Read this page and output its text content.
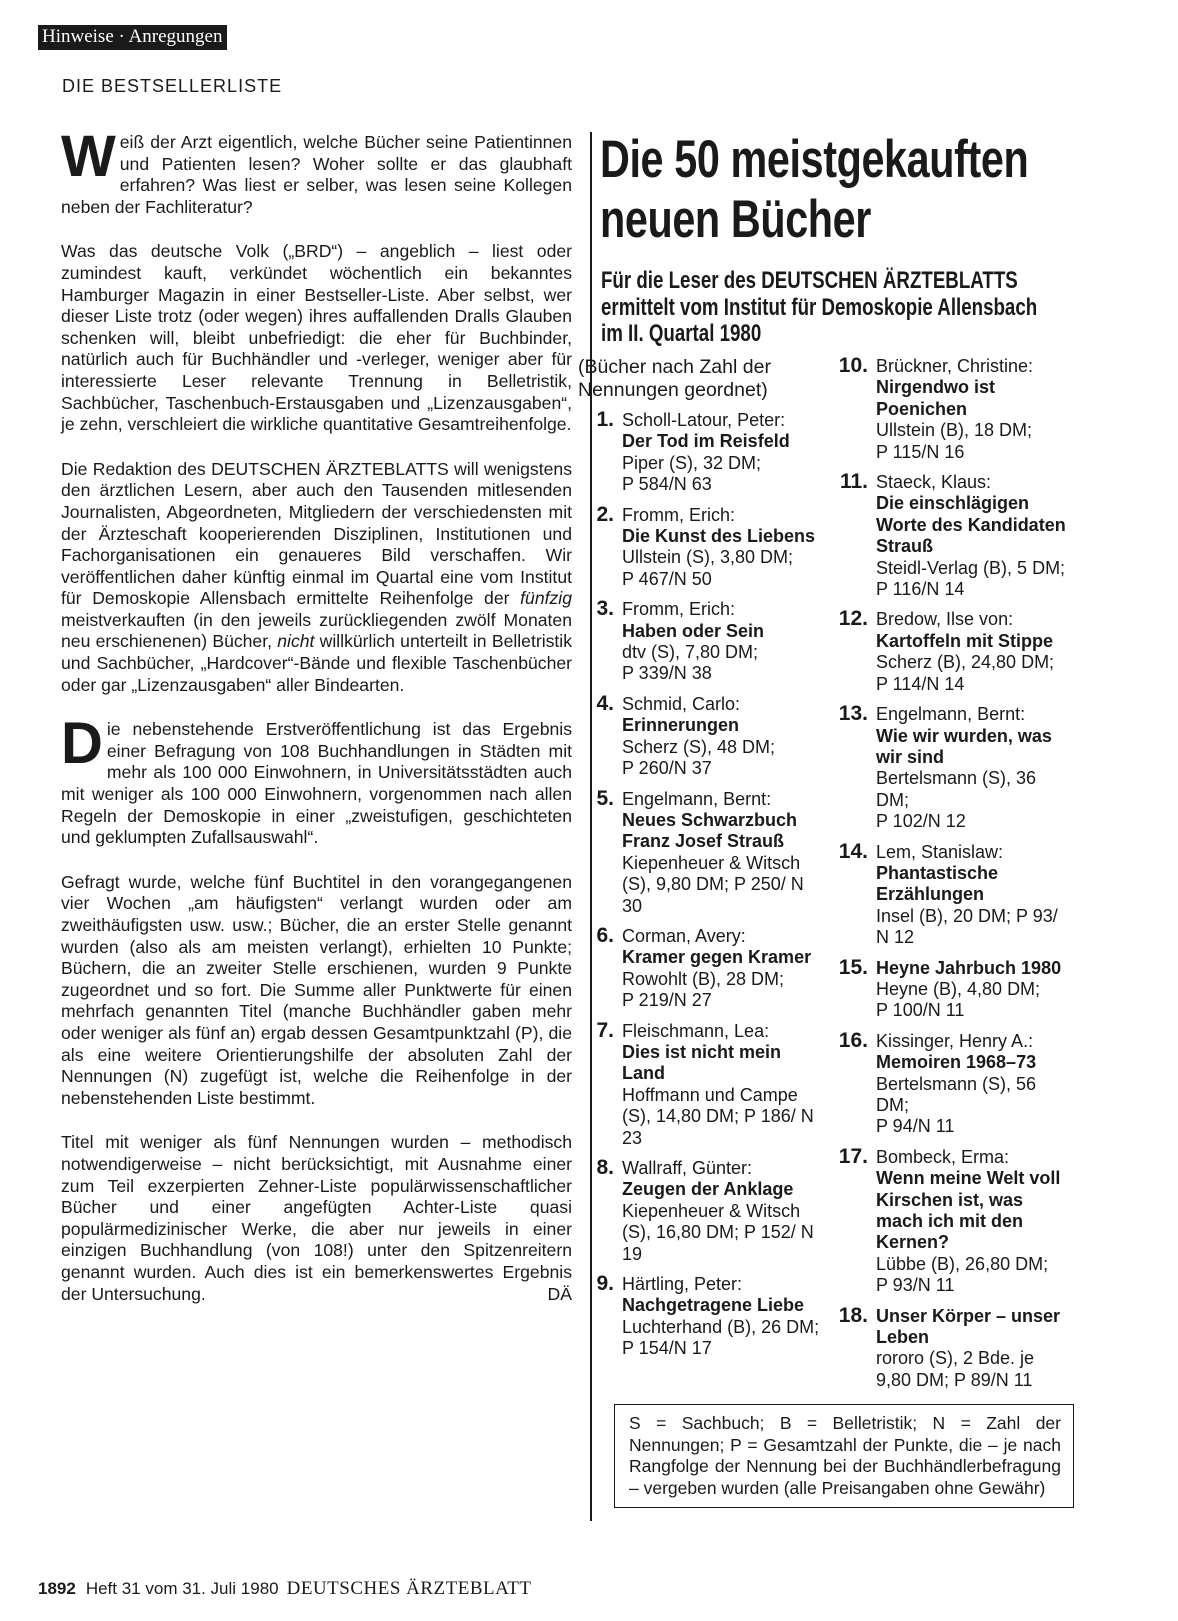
Hinweise · Anregungen
DIE BESTSELLERLISTE

Weiß der Arzt eigentlich, welche Bücher seine Patientinnen und Patienten lesen? Woher sollte er das glaubhaft erfahren? Was liest er selber, was lesen seine Kollegen neben der Fachliteratur?

Was das deutsche Volk („BRD“) – angeblich – liest oder zumindest kauft, verkündet wöchentlich ein bekanntes Hamburger Magazin in einer Bestseller-Liste. Aber selbst, wer dieser Liste trotz (oder wegen) ihres auffallenden Dralls Glauben schenken will, bleibt unbefriedigt: die eher für Buchbinder, natürlich auch für Buchhändler und -verleger, weniger aber für interessierte Leser relevante Trennung in Belletristik, Sachbücher, Taschenbuch-Erstausgaben und „Lizenzausgaben“, je zehn, verschleiert die wirkliche quantitative Gesamtreihenfolge.

Die Redaktion des DEUTSCHEN ÄRZTEBLATTS will wenigstens den ärztlichen Lesern, aber auch den Tausenden mitlesenden Journalisten, Abgeordneten, Mitgliedern der verschiedensten mit der Ärzteschaft kooperierenden Disziplinen, Institutionen und Fachorganisationen ein genaueres Bild verschaffen. Wir veröffentlichen daher künftig einmal im Quartal eine vom Institut für Demoskopie Allensbach ermittelte Reihenfolge der fünfzig meistverkauften (in den jeweils zurückliegenden zwölf Monaten neu erschienenen) Bücher, nicht willkürlich unterteilt in Belletristik und Sachbücher, „Hardcover“-Bände und flexible Taschenbücher oder gar „Lizenzausgaben“ aller Bindearten.

Die nebenstehende Erstveröffentlichung ist das Ergebnis einer Befragung von 108 Buchhandlungen in Städten mit mehr als 100 000 Einwohnern, in Universitätsstädten auch mit weniger als 100 000 Einwohnern, vorgenommen nach allen Regeln der Demoskopie in einer „zweistufigen, geschichteten und geklumpten Zufallsauswahl“.

Gefragt wurde, welche fünf Buchtitel in den vorangegangenen vier Wochen „am häufigsten“ verlangt wurden oder am zweithäufigsten usw. usw.; Bücher, die an erster Stelle genannt wurden (also als am meisten verlangt), erhielten 10 Punkte; Büchern, die an zweiter Stelle erschienen, wurden 9 Punkte zugeordnet und so fort. Die Summe aller Punktwerte für einen mehrfach genannten Titel (manche Buchhändler gaben mehr oder weniger als fünf an) ergab dessen Gesamtpunktzahl (P), die als eine weitere Orientierungshilfe der absoluten Zahl der Nennungen (N) zugefügt ist, welche die Reihenfolge in der nebenstehenden Liste bestimmt.

Titel mit weniger als fünf Nennungen wurden – methodisch notwendigerweise – nicht berücksichtigt, mit Ausnahme einer zum Teil exzerpierten Zehner-Liste populärwissenschaftlicher Bücher und einer angefügten Achter-Liste quasi populärmedizinischer Werke, die aber nur jeweils in einer einzigen Buchhandlung (von 108!) unter den Spitzenreitern genannt wurden. Auch dies ist ein bemerkenswertes Ergebnis der Untersuchung.	DÄ

Die 50 meistgekauften
neuen Bücher
Für die Leser des DEUTSCHEN ÄRZTEBLATTS
ermittelt vom Institut für Demoskopie Allensbach
im II. Quartal 1980
(Bücher nach Zahl der Nennungen geordnet)
1. Scholl-Latour, Peter:
Der Tod im Reisfeld
Piper (S), 32 DM;
P 584/N 63
2. Fromm, Erich:
Die Kunst des Liebens
Ullstein (S), 3,80 DM;
P 467/N 50
3. Fromm, Erich:
Haben oder Sein
dtv (S), 7,80 DM;
P 339/N 38
4. Schmid, Carlo:
Erinnerungen
Scherz (S), 48 DM;
P 260/N 37
5. Engelmann, Bernt:
Neues Schwarzbuch Franz Josef Strauß
Kiepenheuer & Witsch (S), 9,80 DM; P 250/ N 30
6. Corman, Avery:
Kramer gegen Kramer
Rowohlt (B), 28 DM;
P 219/N 27
7. Fleischmann, Lea:
Dies ist nicht mein Land
Hoffmann und Campe (S), 14,80 DM; P 186/ N 23
8. Wallraff, Günter:
Zeugen der Anklage
Kiepenheuer & Witsch (S), 16,80 DM; P 152/ N 19
9. Härtling, Peter:
Nachgetragene Liebe
Luchterhand (B), 26 DM;
P 154/N 17
10. Brückner, Christine:
Nirgendwo ist Poenichen
Ullstein (B), 18 DM;
P 115/N 16
11. Staeck, Klaus:
Die einschlägigen Worte des Kandidaten Strauß
Steidl-Verlag (B), 5 DM;
P 116/N 14
12. Bredow, Ilse von:
Kartoffeln mit Stippe
Scherz (B), 24,80 DM;
P 114/N 14
13. Engelmann, Bernt:
Wie wir wurden, was wir sind
Bertelsmann (S), 36 DM;
P 102/N 12
14. Lem, Stanislaw:
Phantastische Erzählungen
Insel (B), 20 DM; P 93/ N 12
15. Heyne Jahrbuch 1980
Heyne (B), 4,80 DM;
P 100/N 11
16. Kissinger, Henry A.:
Memoiren 1968–73
Bertelsmann (S), 56 DM;
P 94/N 11
17. Bombeck, Erma:
Wenn meine Welt voll Kirschen ist, was mach ich mit den Kernen?
Lübbe (B), 26,80 DM;
P 93/N 11
18. Unser Körper – unser Leben
rororo (S), 2 Bde. je 9,80 DM; P 89/N 11
S = Sachbuch; B = Belletristik; N = Zahl der Nennungen; P = Gesamtzahl der Punkte, die – je nach Rangfolge der Nennung bei der Buchhändlerbefragung – vergeben wurden (alle Preisangaben ohne Gewähr)
1892 Heft 31 vom 31. Juli 1980 DEUTSCHES ÄRZTEBLATT
